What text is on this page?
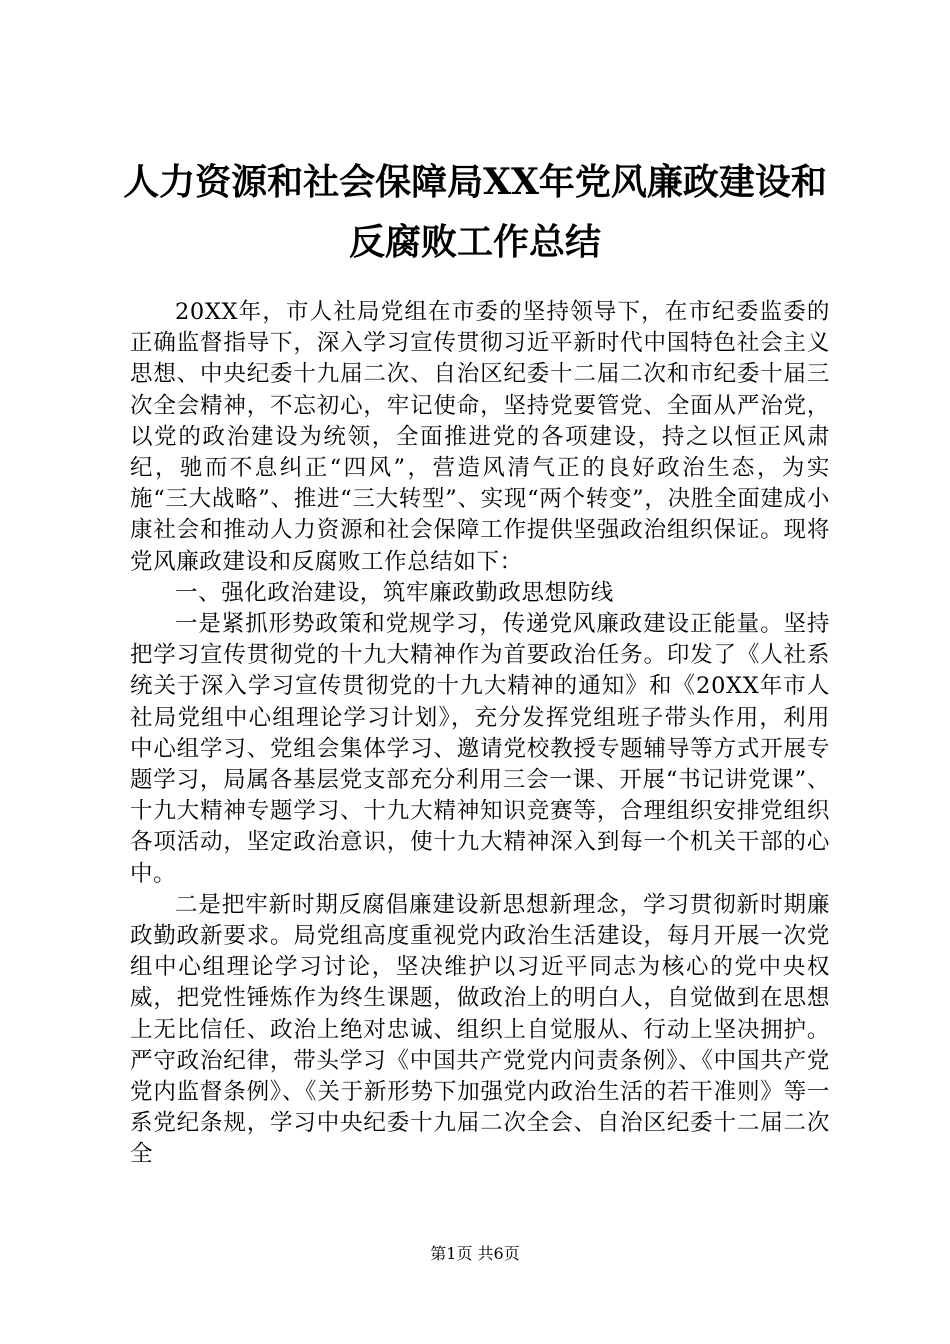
人力资源和社会保障局XX年党风廉政建设和
反腐败工作总结

20XX年，市人社局党组在市委的坚持领导下，在市纪委监委的正确监督指导下，深入学习宣传贯彻习近平新时代中国特色社会主义思想、中央纪委十九届二次、自治区纪委十二届二次和市纪委十届三次全会精神，不忘初心，牢记使命，坚持党要管党、全面从严治党，以党的政治建设为统领，全面推进党的各项建设，持之以恒正风肃纪，驰而不息纠正“四风”，营造风清气正的良好政治生态，为实施“三大战略”、推进“三大转型”、实现“两个转变”，决胜全面建成小康社会和推动人力资源和社会保障工作提供坚强政治组织保证。现将党风廉政建设和反腐败工作总结如下：

一、强化政治建设，筑牢廉政勤政思想防线

一是紧抓形势政策和党规学习，传递党风廉政建设正能量。坚持把学习宣传贯彻党的十九大精神作为首要政治任务。印发了《人社系统关于深入学习宣传贯彻党的十九大精神的通知》和《20XX年市人社局党组中心组理论学习计划》，充分发挥党组班子带头作用，利用中心组学习、党组会集体学习、邀请党校教授专题辅导等方式开展专题学习，局属各基层党支部充分利用三会一课、开展“书记讲党课”、十九大精神专题学习、十九大精神知识竞赛等，合理组织安排党组织各项活动，坚定政治意识，使十九大精神深入到每一个机关干部的心中。

二是把牢新时期反腐倡廉建设新思想新理念，学习贯彻新时期廉政勤政新要求。局党组高度重视党内政治生活建设，每月开展一次党组中心组理论学习讨论，坚决维护以习近平同志为核心的党中央权威，把党性锤炼作为终生课题，做政治上的明白人，自觉做到在思想上无比信任、政治上绝对忠诚、组织上自觉服从、行动上坚决拥护。严守政治纪律，带头学习《中国共产党党内问责条例》、《中国共产党党内监督条例》、《关于新形势下加强党内政治生活的若干准则》等一系党纪条规，学习中央纪委十九届二次全会、自治区纪委十二届二次全

第1页 共6页
